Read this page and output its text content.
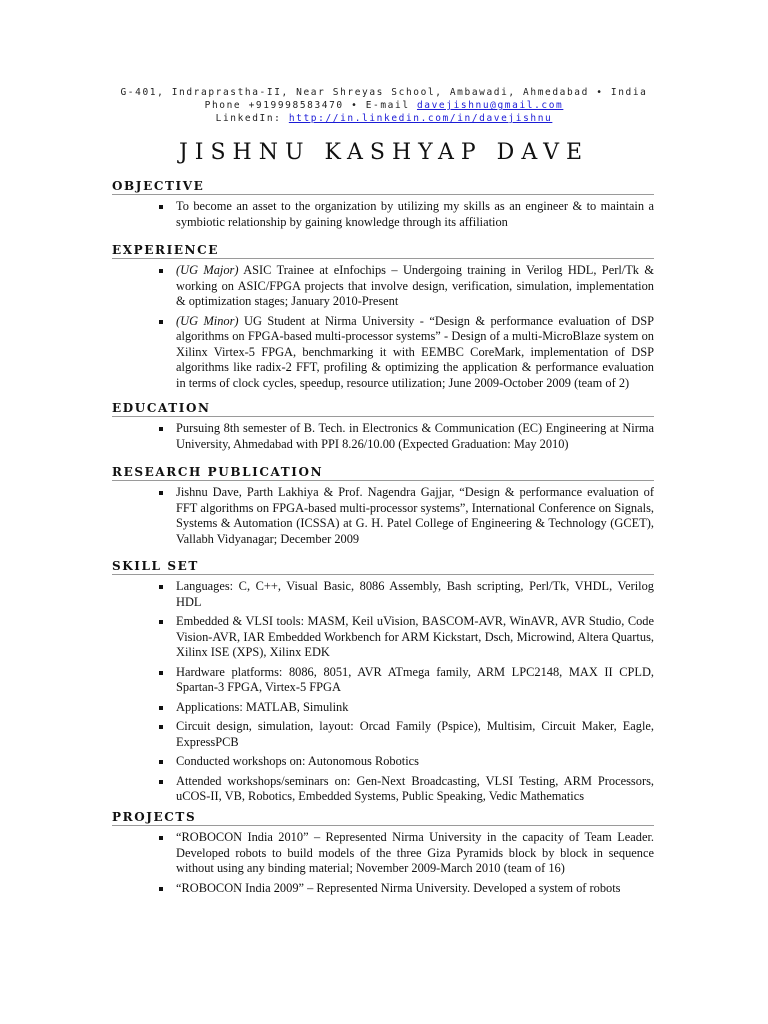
G-401, Indraprastha-II, Near Shreyas School, Ambawadi, Ahmedabad • India
Phone +919998583470 • E-mail davejishnu@gmail.com
LinkedIn: http://in.linkedin.com/in/davejishnu
JISHNU KASHYAP DAVE
OBJECTIVE
To become an asset to the organization by utilizing my skills as an engineer & to maintain a symbiotic relationship by gaining knowledge through its affiliation
EXPERIENCE
(UG Major) ASIC Trainee at eInfochips – Undergoing training in Verilog HDL, Perl/Tk & working on ASIC/FPGA projects that involve design, verification, simulation, implementation & optimization stages; January 2010-Present
(UG Minor) UG Student at Nirma University - “Design & performance evaluation of DSP algorithms on FPGA-based multi-processor systems” - Design of a multi-MicroBlaze system on Xilinx Virtex-5 FPGA, benchmarking it with EEMBC CoreMark, implementation of DSP algorithms like radix-2 FFT, profiling & optimizing the application & performance evaluation in terms of clock cycles, speedup, resource utilization; June 2009-October 2009 (team of 2)
EDUCATION
Pursuing 8th semester of B. Tech. in Electronics & Communication (EC) Engineering at Nirma University, Ahmedabad with PPI 8.26/10.00 (Expected Graduation: May 2010)
RESEARCH PUBLICATION
Jishnu Dave, Parth Lakhiya & Prof. Nagendra Gajjar, “Design & performance evaluation of FFT algorithms on FPGA-based multi-processor systems”, International Conference on Signals, Systems & Automation (ICSSA) at G. H. Patel College of Engineering & Technology (GCET), Vallabh Vidyanagar; December 2009
SKILL SET
Languages: C, C++, Visual Basic, 8086 Assembly, Bash scripting, Perl/Tk, VHDL, Verilog HDL
Embedded & VLSI tools: MASM, Keil uVision, BASCOM-AVR, WinAVR, AVR Studio, Code Vision-AVR, IAR Embedded Workbench for ARM Kickstart, Dsch, Microwind, Altera Quartus, Xilinx ISE (XPS), Xilinx EDK
Hardware platforms: 8086, 8051, AVR ATmega family, ARM LPC2148, MAX II CPLD, Spartan-3 FPGA, Virtex-5 FPGA
Applications: MATLAB, Simulink
Circuit design, simulation, layout: Orcad Family (Pspice), Multisim, Circuit Maker, Eagle, ExpressPCB
Conducted workshops on: Autonomous Robotics
Attended workshops/seminars on: Gen-Next Broadcasting, VLSI Testing, ARM Processors, uCOS-II, VB, Robotics, Embedded Systems, Public Speaking, Vedic Mathematics
PROJECTS
“ROBOCON India 2010” – Represented Nirma University in the capacity of Team Leader. Developed robots to build models of the three Giza Pyramids block by block in sequence without using any binding material; November 2009-March 2010 (team of 16)
“ROBOCON India 2009” – Represented Nirma University. Developed a system of robots
